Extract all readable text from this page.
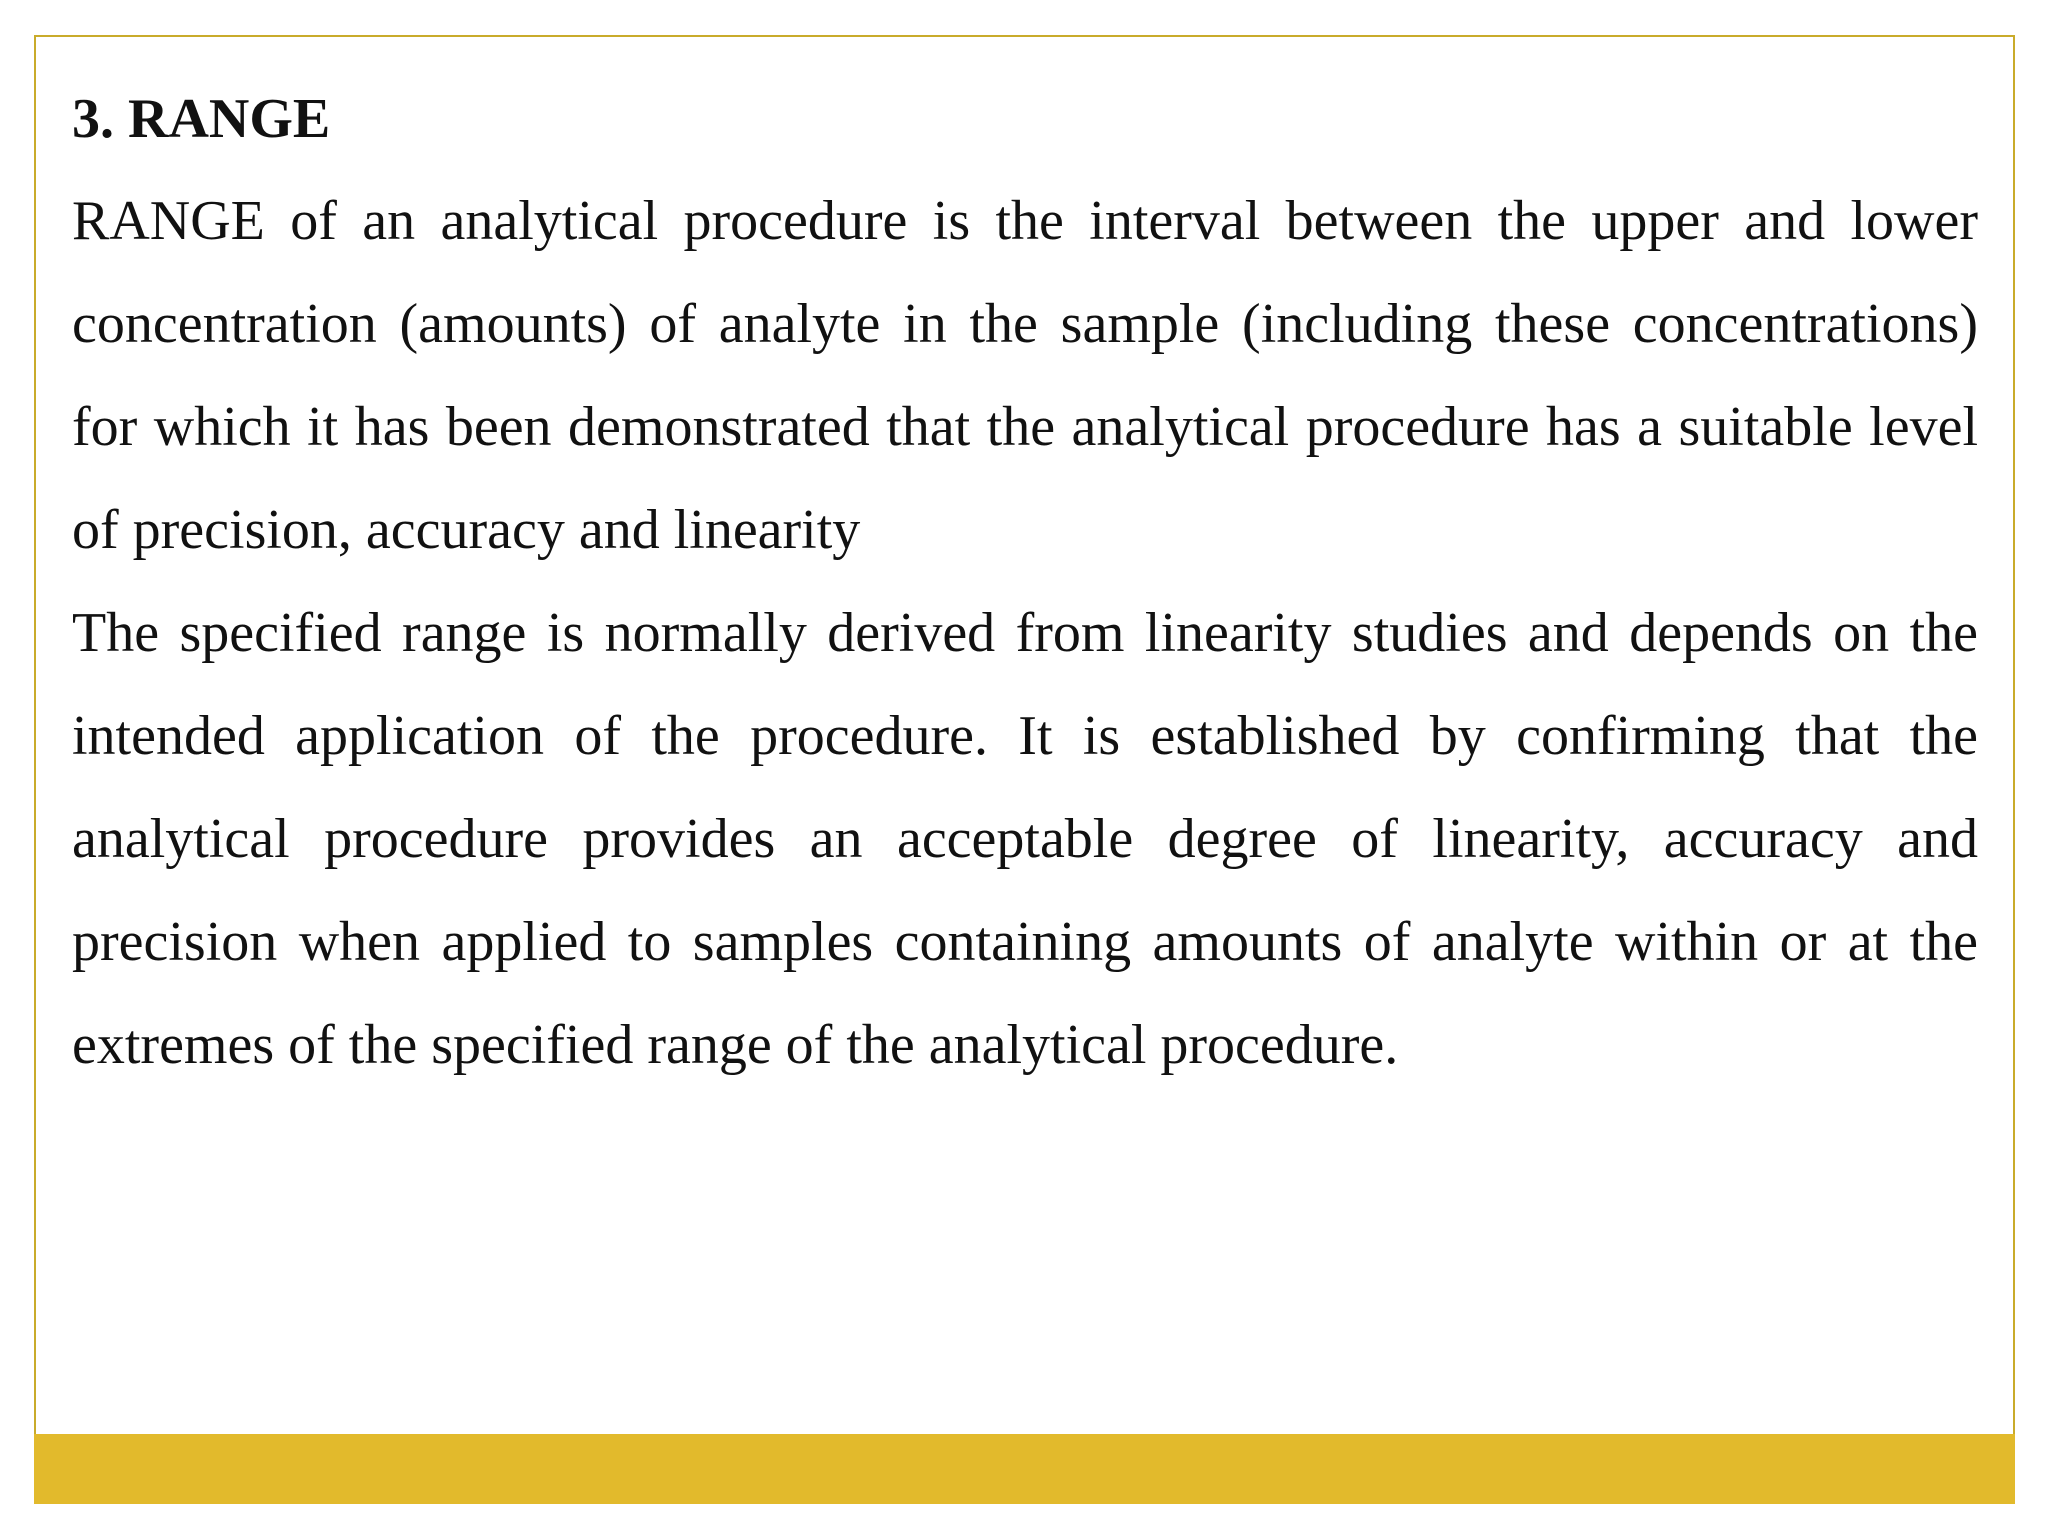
3. RANGE

RANGE of an analytical procedure is the interval between the upper and lower concentration (amounts) of analyte in the sample (including these concentrations) for which it has been demonstrated that the analytical procedure has a suitable level of precision, accuracy and linearity

The specified range is normally derived from linearity studies and depends on the intended application of the procedure. It is established by confirming that the analytical procedure provides an acceptable degree of linearity, accuracy and precision when applied to samples containing amounts of analyte within or at the extremes of the specified range of the analytical procedure.
